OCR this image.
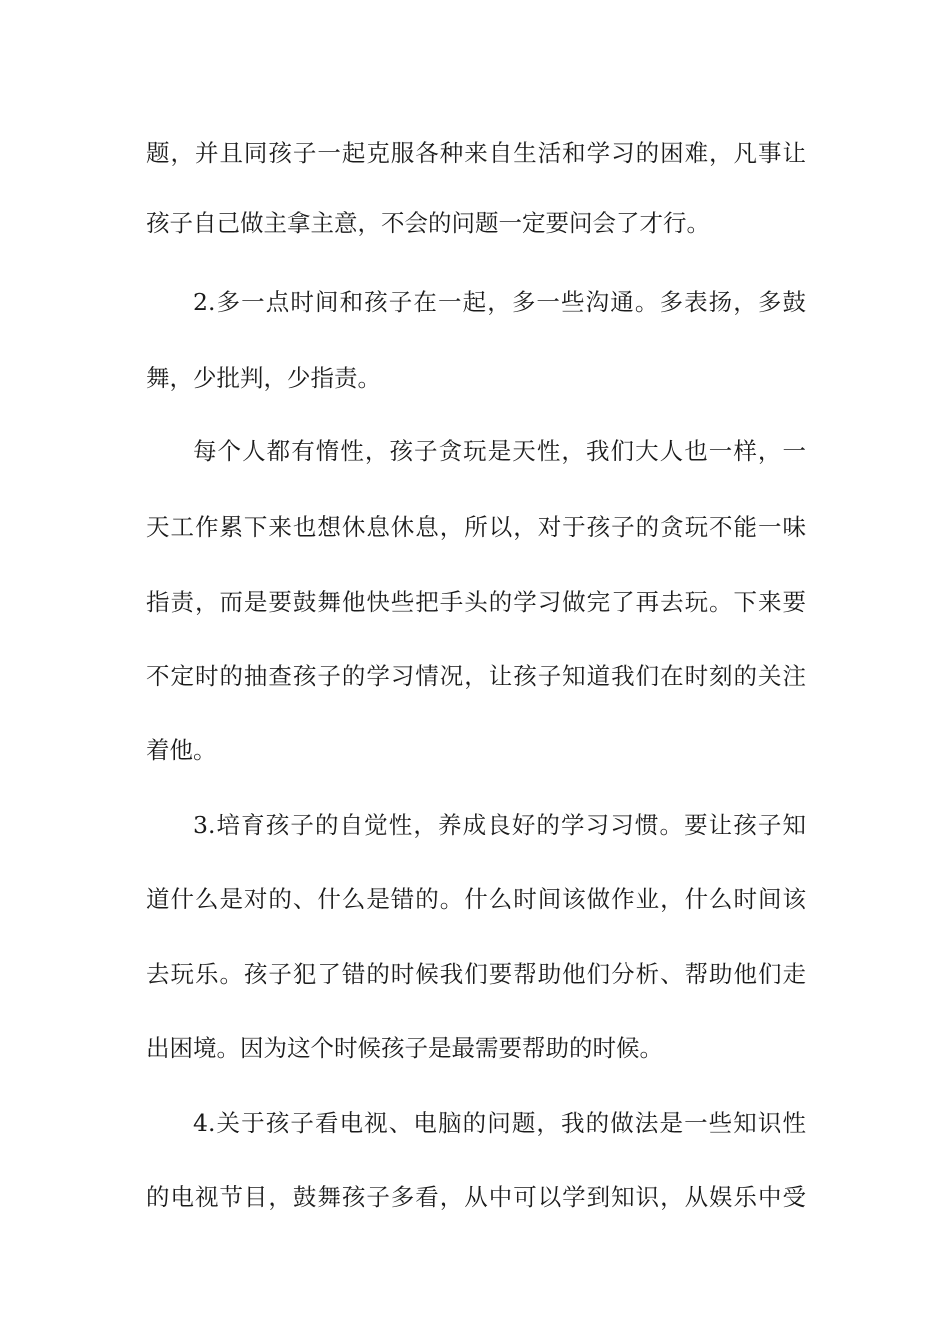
题，并且同孩子一起克服各种来自生活和学习的困难，凡事让
孩子自己做主拿主意，不会的问题一定要问会了才行。
2.多一点时间和孩子在一起，多一些沟通。多表扬，多鼓
舞，少批判，少指责。
每个人都有惰性，孩子贪玩是天性，我们大人也一样，一
天工作累下来也想休息休息，所以，对于孩子的贪玩不能一味
指责，而是要鼓舞他快些把手头的学习做完了再去玩。下来要
不定时的抽查孩子的学习情况，让孩子知道我们在时刻的关注
着他。
3.培育孩子的自觉性，养成良好的学习习惯。要让孩子知
道什么是对的、什么是错的。什么时间该做作业，什么时间该
去玩乐。孩子犯了错的时候我们要帮助他们分析、帮助他们走
出困境。因为这个时候孩子是最需要帮助的时候。
4.关于孩子看电视、电脑的问题，我的做法是一些知识性
的电视节目，鼓舞孩子多看，从中可以学到知识，从娱乐中受
